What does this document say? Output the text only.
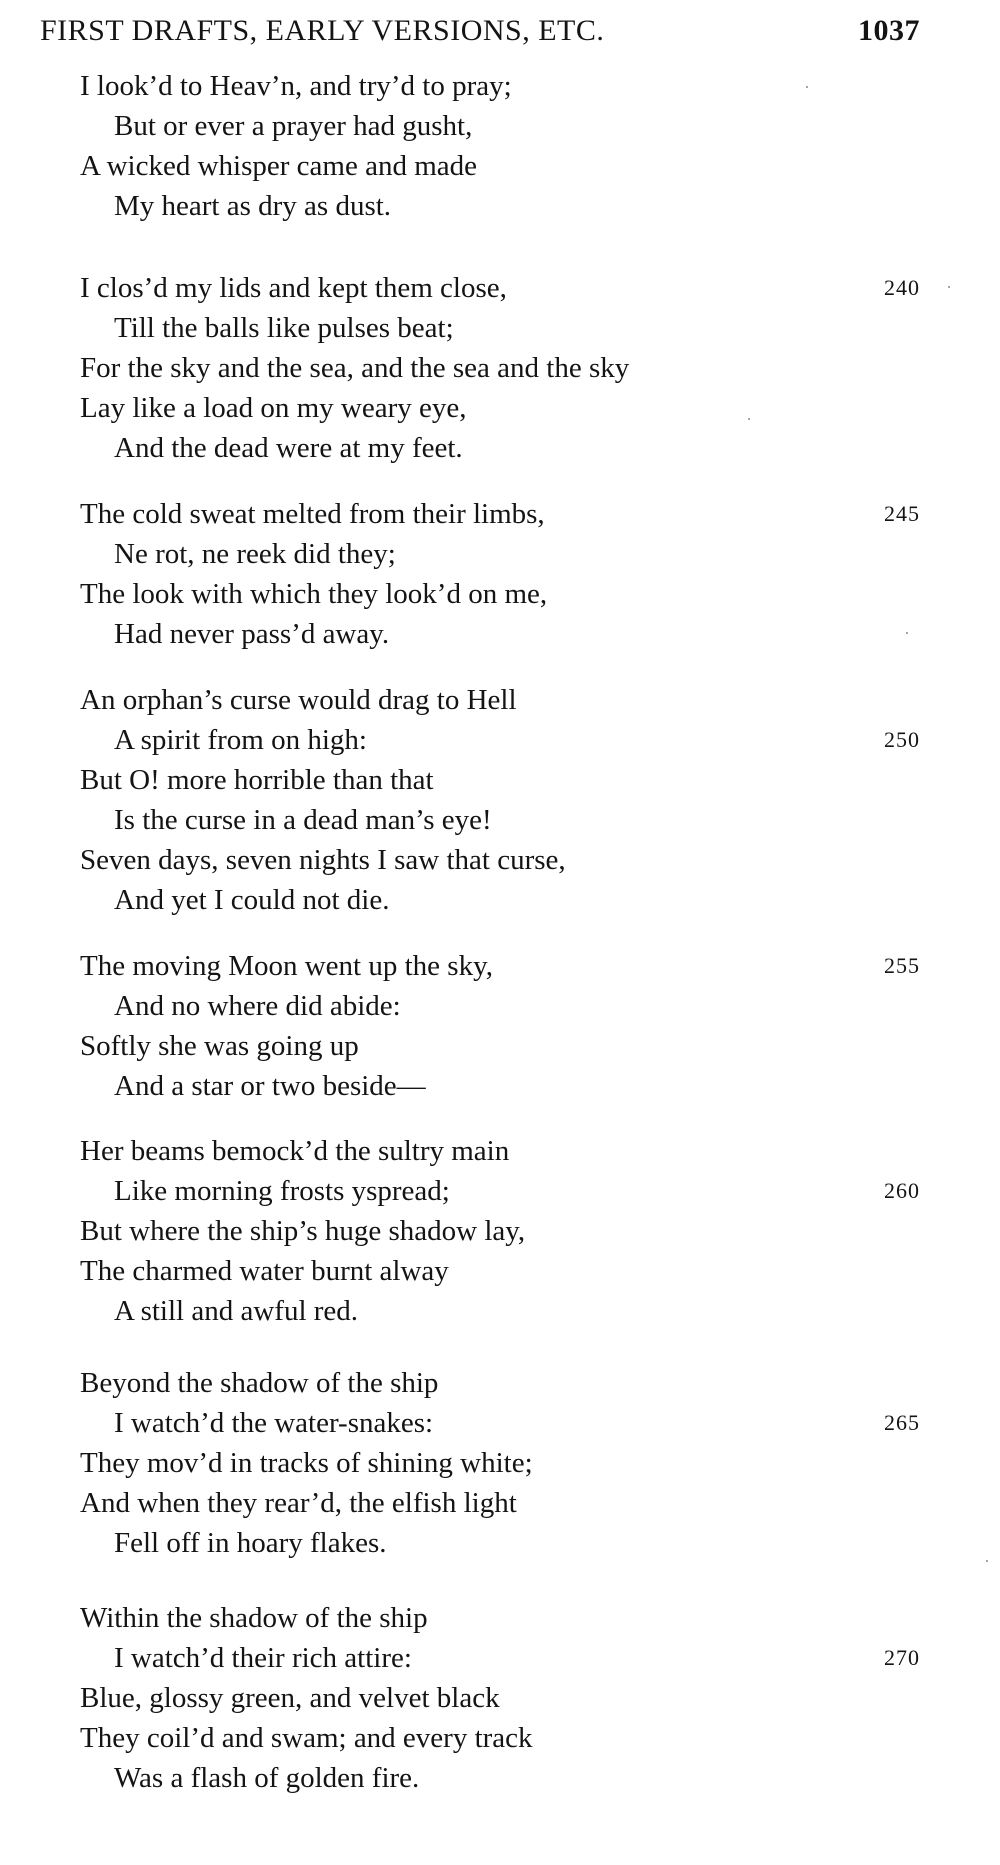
FIRST DRAFTS, EARLY VERSIONS, ETC.	1037
I look’d to Heav’n, and try’d to pray;
But or ever a prayer had gusht,
A wicked whisper came and made
My heart as dry as dust.
I clos’d my lids and kept them close,	240
Till the balls like pulses beat;
For the sky and the sea, and the sea and the sky
Lay like a load on my weary eye,
And the dead were at my feet.
The cold sweat melted from their limbs,	245
Ne rot, ne reek did they;
The look with which they look’d on me,
Had never pass’d away.
An orphan’s curse would drag to Hell
A spirit from on high:	250
But O! more horrible than that
Is the curse in a dead man’s eye!
Seven days, seven nights I saw that curse,
And yet I could not die.
The moving Moon went up the sky,	255
And no where did abide:
Softly she was going up
And a star or two beside—
Her beams bemock’d the sultry main
Like morning frosts yspread;	260
But where the ship’s huge shadow lay,
The charmed water burnt alway
A still and awful red.
Beyond the shadow of the ship
I watch’d the water-snakes:	265
They mov’d in tracks of shining white;
And when they rear’d, the elfish light
Fell off in hoary flakes.
Within the shadow of the ship
I watch’d their rich attire:	270
Blue, glossy green, and velvet black
They coil’d and swam; and every track
Was a flash of golden fire.
